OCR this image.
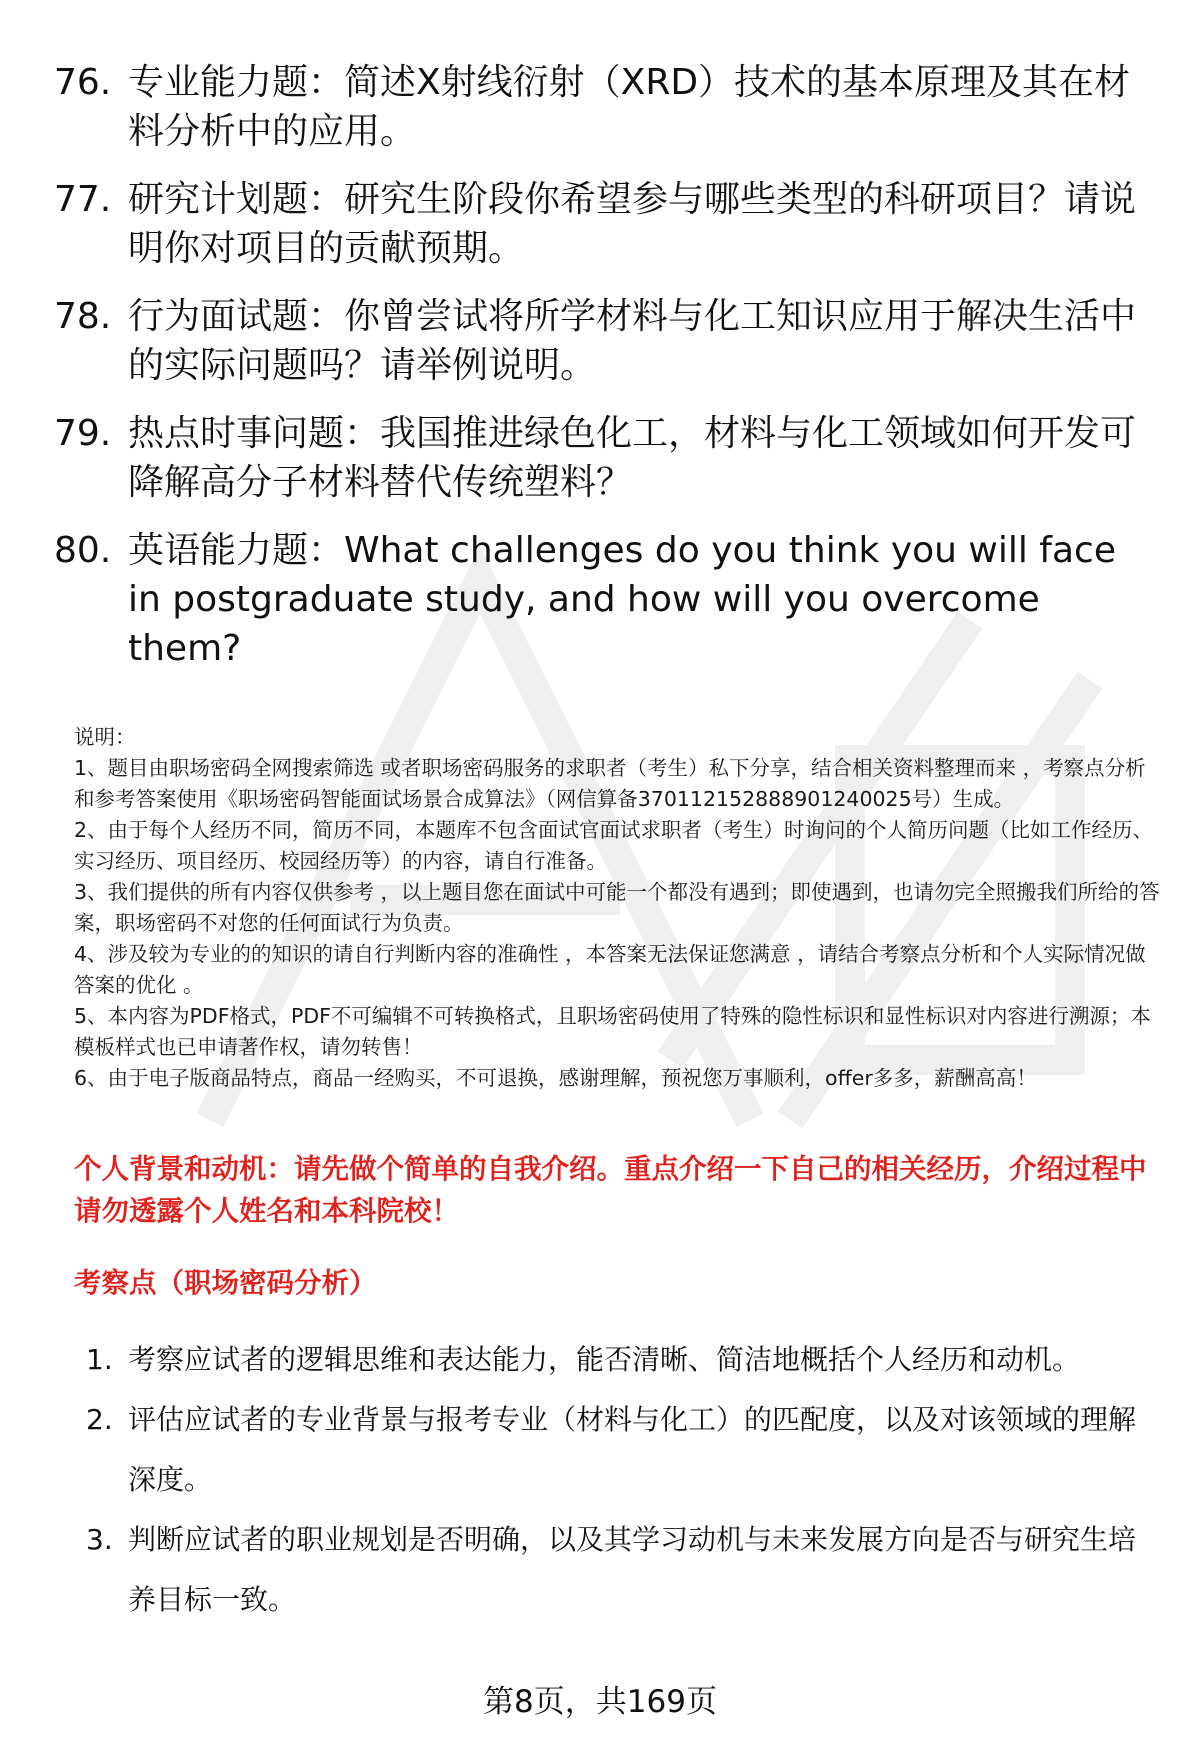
76. 专业能力题：简述X射线衍射（XRD）技术的基本原理及其在材料分析中的应用。
77. 研究计划题：研究生阶段你希望参与哪些类型的科研项目？请说明你对项目的贡献预期。
78. 行为面试题：你曾尝试将所学材料与化工知识应用于解决生活中的实际问题吗？请举例说明。
79. 热点时事问题：我国推进绿色化工，材料与化工领域如何开发可降解高分子材料替代传统塑料？
80. 英语能力题：What challenges do you think you will face in postgraduate study, and how will you overcome them?

说明：

1、题目由职场密码全网搜索筛选 或者职场密码服务的求职者（考生）私下分享，结合相关资料整理而来 ，考察点分析和参考答案使用《职场密码智能面试场景合成算法》（网信算备370112152888901240025号）生成。

2、由于每个人经历不同，简历不同，本题库不包含面试官面试求职者（考生）时询问的个人简历问题（比如工作经历、实习经历、项目经历、校园经历等）的内容，请自行准备。

3、我们提供的所有内容仅供参考 ，以上题目您在面试中可能一个都没有遇到；即使遇到，也请勿完全照搬我们所给的答案，职场密码不对您的任何面试行为负责。

4、涉及较为专业的的知识的请自行判断内容的准确性 ，本答案无法保证您满意 ，请结合考察点分析和个人实际情况做答案的优化 。

5、本内容为PDF格式，PDF不可编辑不可转换格式，且职场密码使用了特殊的隐性标识和显性标识对内容进行溯源；本模板样式也已申请著作权，请勿转售！

6、由于电子版商品特点，商品一经购买，不可退换，感谢理解，预祝您万事顺利，offer多多，薪酬高高！

个人背景和动机：请先做个简单的自我介绍。重点介绍一下自己的相关经历，介绍过程中请勿透露个人姓名和本科院校！
考察点（职场密码分析）
1. 考察应试者的逻辑思维和表达能力，能否清晰、简洁地概括个人经历和动机。
2. 评估应试者的专业背景与报考专业（材料与化工）的匹配度，以及对该领域的理解深度。
3. 判断应试者的职业规划是否明确，以及其学习动机与未来发展方向是否与研究生培养目标一致。
第8页，共169页
